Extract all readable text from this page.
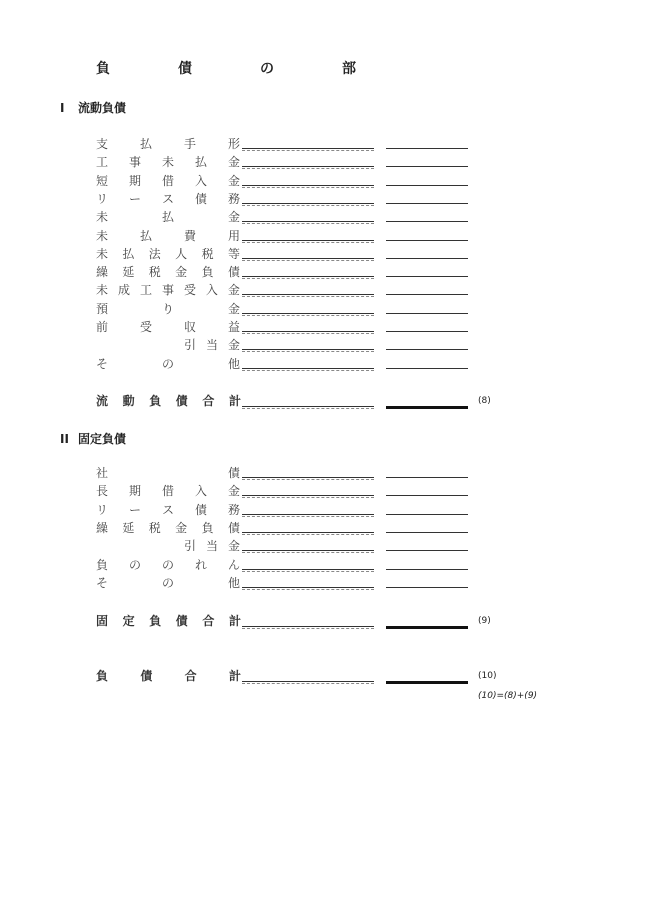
負	債	の	部
I 流動負債
支	払	手	形
工 事 未 払 金
短 期 借 入 金
リ ー ス 債 務
未	払	金
未	払	費	用
未 払 法 人 税 等
繰 延 税 金 負 債
未 成 工 事 受 入 金
預	り	金
前	受	収	益
引 当 金
そ	の	他
流 動 負 債 合 計	(8)
II 固定負債
社	債
長 期 借 入 金
リ ー ス 債 務
繰 延 税 金 負 債
引 当 金
負 の の れ ん
そ	の	他
固 定 負 債 合 計	(9)
負	債	合	計	(10)
(10)=(8)+(9)
